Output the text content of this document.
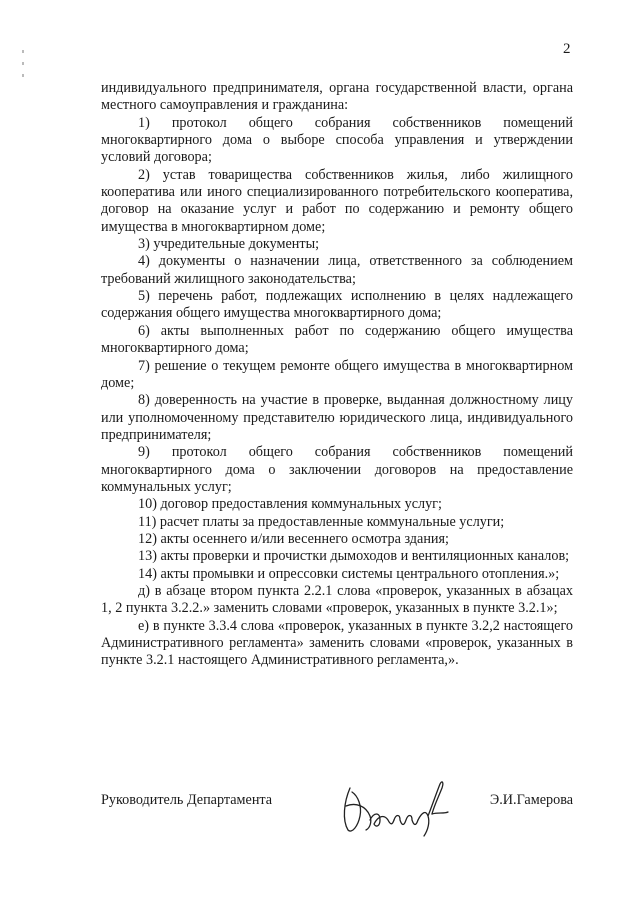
2

индивидуального предпринимателя, органа государственной власти, органа местного самоуправления и гражданина:

1) протокол общего собрания собственников помещений многоквартирного дома о выборе способа управления и утверждении условий договора;

2) устав товарищества собственников жилья, либо жилищного кооператива или иного специализированного потребительского кооператива, договор на оказание услуг и работ по содержанию и ремонту общего имущества в многоквартирном доме;

3) учредительные документы;

4) документы о назначении лица, ответственного за соблюдением требований жилищного законодательства;

5) перечень работ, подлежащих исполнению в целях надлежащего содержания общего имущества многоквартирного дома;

6) акты выполненных работ по содержанию общего имущества многоквартирного дома;

7) решение о текущем ремонте общего имущества в многоквартирном доме;

8) доверенность на участие в проверке, выданная должностному лицу или уполномоченному представителю юридического лица, индивидуального предпринимателя;

9) протокол общего собрания собственников помещений многоквартирного дома о заключении договоров на предоставление коммунальных услуг;

10) договор предоставления коммунальных услуг;

11) расчет платы за предоставленные коммунальные услуги;

12) акты осеннего и/или весеннего осмотра здания;

13) акты проверки и прочистки дымоходов и вентиляционных каналов;

14) акты промывки и опрессовки системы центрального отопления.»;

д) в абзаце втором пункта 2.2.1 слова «проверок, указанных в абзацах 1, 2 пункта 3.2.2.» заменить словами «проверок, указанных в пункте 3.2.1»;

е) в пункте 3.3.4 слова «проверок, указанных в пункте 3.2,2 настоящего Административного регламента» заменить словами «проверок, указанных в пункте 3.2.1 настоящего Административного регламента,».

Руководитель Департамента	Э.И.Гамерова
